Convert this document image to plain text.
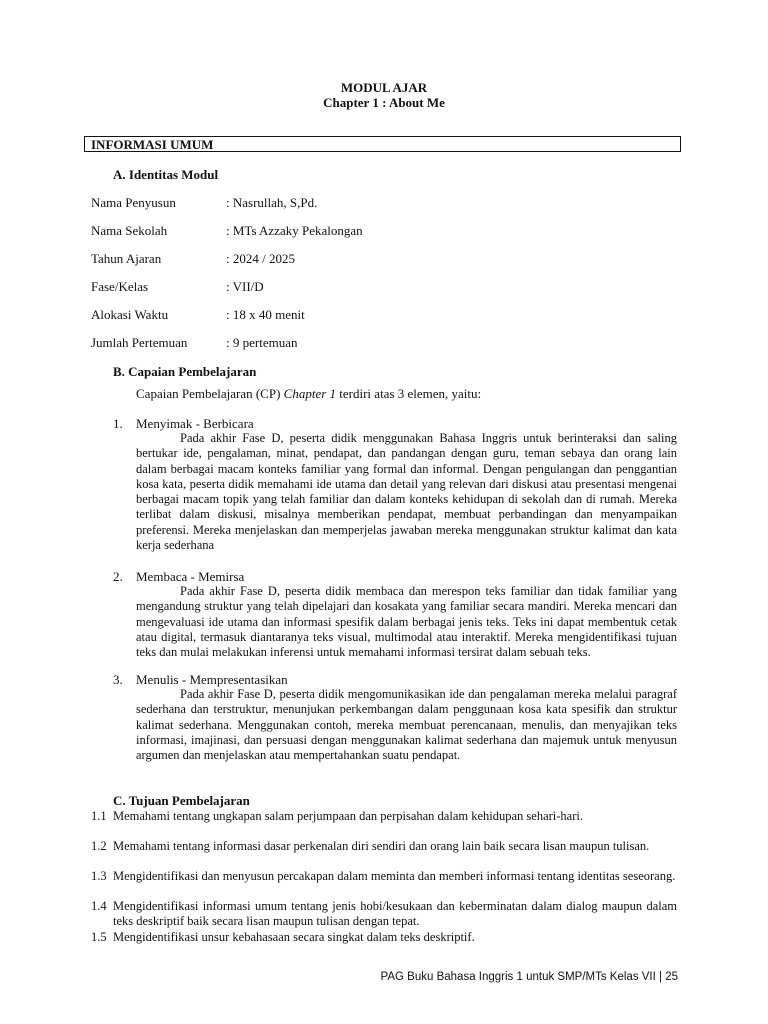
MODUL AJAR
Chapter 1 : About Me
INFORMASI UMUM
A. Identitas Modul
Nama Penyusun	: Nasrullah, S,Pd.
Nama Sekolah	: MTs Azzaky Pekalongan
Tahun Ajaran	: 2024 / 2025
Fase/Kelas	: VII/D
Alokasi Waktu	: 18 x 40 menit
Jumlah Pertemuan	: 9 pertemuan
B. Capaian Pembelajaran
Capaian Pembelajaran (CP) Chapter 1 terdiri atas 3 elemen, yaitu:
1. Menyimak - Berbicara
Pada akhir Fase D, peserta didik menggunakan Bahasa Inggris untuk berinteraksi dan saling bertukar ide, pengalaman, minat, pendapat, dan pandangan dengan guru, teman sebaya dan orang lain dalam berbagai macam konteks familiar yang formal dan informal. Dengan pengulangan dan penggantian kosa kata, peserta didik memahami ide utama dan detail yang relevan dari diskusi atau presentasi mengenai berbagai macam topik yang telah familiar dan dalam konteks kehidupan di sekolah dan di rumah. Mereka terlibat dalam diskusi, misalnya memberikan pendapat, membuat perbandingan dan menyampaikan preferensi. Mereka menjelaskan dan memperjelas jawaban mereka menggunakan struktur kalimat dan kata kerja sederhana
2. Membaca - Memirsa
Pada akhir Fase D, peserta didik membaca dan merespon teks familiar dan tidak familiar yang mengandung struktur yang telah dipelajari dan kosakata yang familiar secara mandiri. Mereka mencari dan mengevaluasi ide utama dan informasi spesifik dalam berbagai jenis teks. Teks ini dapat membentuk cetak atau digital, termasuk diantaranya teks visual, multimodal atau interaktif. Mereka mengidentifikasi tujuan teks dan mulai melakukan inferensi untuk memahami informasi tersirat dalam sebuah teks.
3. Menulis - Mempresentasikan
Pada akhir Fase D, peserta didik mengomunikasikan ide dan pengalaman mereka melalui paragraf sederhana dan terstruktur, menunjukan perkembangan dalam penggunaan kosa kata spesifik dan struktur kalimat sederhana. Menggunakan contoh, mereka membuat perencanaan, menulis, dan menyajikan teks informasi, imajinasi, dan persuasi dengan menggunakan kalimat sederhana dan majemuk untuk menyusun argumen dan menjelaskan atau mempertahankan suatu pendapat.
C. Tujuan Pembelajaran
1.1 Memahami tentang ungkapan salam perjumpaan dan perpisahan dalam kehidupan sehari-hari.
1.2 Memahami tentang informasi dasar perkenalan diri sendiri dan orang lain baik secara lisan maupun tulisan.
1.3 Mengidentifikasi dan menyusun percakapan dalam meminta dan memberi informasi tentang identitas seseorang.
1.4 Mengidentifikasi informasi umum tentang jenis hobi/kesukaan dan keberminatan dalam dialog maupun dalam teks deskriptif baik secara lisan maupun tulisan dengan tepat.
1.5 Mengidentifikasi unsur kebahasaan secara singkat dalam teks deskriptif.
PAG Buku Bahasa Inggris 1 untuk SMP/MTs Kelas VII | 25
